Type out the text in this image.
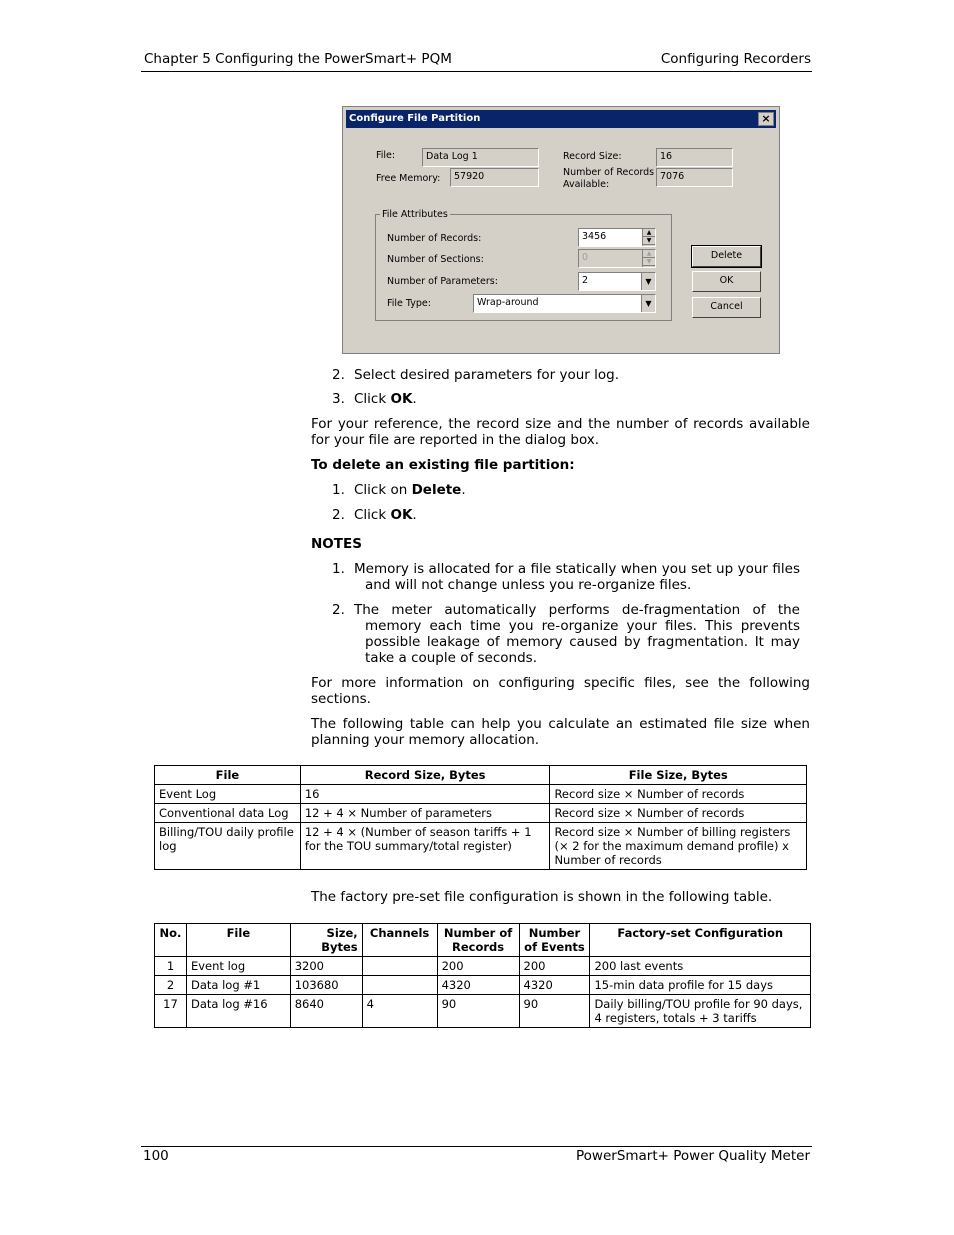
Chapter 5 Configuring the PowerSmart+ PQM	Configuring Recorders
Configure File Partition	×
File:	Data Log 1
Free Memory:	57920
Record Size:	16
Number of Records
Available:
7076
File Attributes
Number of Records:	3456	▲
▼
Number of Sections:	0	▲
▼
Number of Parameters:	2	▼
File Type:	Wrap-around	▼
Delete
OK
Cancel
2. Select desired parameters for your log.
3. Click OK.
For your reference, the record size and the number of records available
for your file are reported in the dialog box.
To delete an existing file partition:
1. Click on Delete.
2. Click OK.
NOTES
1. Memory is allocated for a file statically when you set up your files
and will not change unless you re-organize files.
2. The meter automatically performs de-fragmentation of the
memory each time you re-organize your files. This prevents
possible leakage of memory caused by fragmentation. It may
take a couple of seconds.
For more information on configuring specific files, see the following
sections.
The following table can help you calculate an estimated file size when
planning your memory allocation.
File	Record Size, Bytes	File Size, Bytes
Event Log	16	Record size × Number of records
Conventional data Log	12 + 4 × Number of parameters	Record size × Number of records
Billing/TOU daily profile log	12 + 4 × (Number of season tariffs + 1 for the TOU summary/total register)	Record size × Number of billing registers (× 2 for the maximum demand profile) x Number of records
The factory pre-set file configuration is shown in the following table.
No.	File	Size, Bytes	Channels	Number of Records	Number of Events	Factory-set Configuration
1	Event log	3200		200	200	200 last events
2	Data log #1	103680		4320	4320	15-min data profile for 15 days
17	Data log #16	8640	4	90	90	Daily billing/TOU profile for 90 days, 4 registers, totals + 3 tariffs
100	PowerSmart+ Power Quality Meter
